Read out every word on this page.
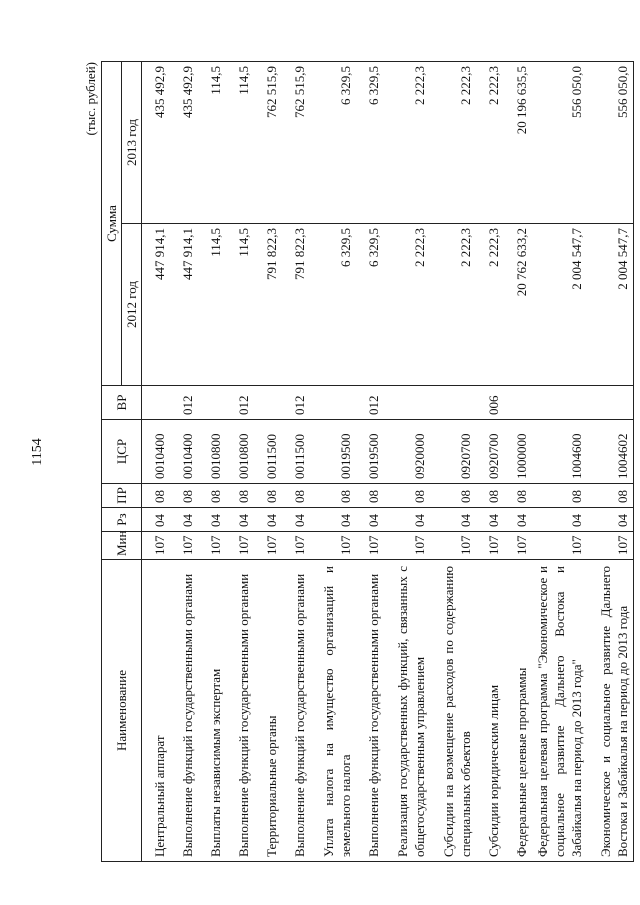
1154
(тыс. рублей)
Наименование	Мин	Рз	ПР	ЦСР	ВР	Сумма	
						2012 год	2013 год
Центральный аппарат	107	04	08	0010400		447 914,1	435 492,9
Выполнение функций государственными органами	107	04	08	0010400	012	447 914,1	435 492,9
Выплаты независимым экспертам	107	04	08	0010800		114,5	114,5
Выполнение функций государственными органами	107	04	08	0010800	012	114,5	114,5
Территориальные органы	107	04	08	0011500		791 822,3	762 515,9
Выполнение функций государственными органами	107	04	08	0011500	012	791 822,3	762 515,9
Уплата налога на имущество организаций и земельного налога	107	04	08	0019500		6 329,5	6 329,5
Выполнение функций государственными органами	107	04	08	0019500	012	6 329,5	6 329,5
Реализация государственных функций, связанных с общегосударственным управлением	107	04	08	0920000		2 222,3	2 222,3
Субсидии на возмещение расходов по содержанию специальных объектов	107	04	08	0920700		2 222,3	2 222,3
Субсидии юридическим лицам	107	04	08	0920700	006	2 222,3	2 222,3
Федеральные целевые программы	107	04	08	1000000		20 762 633,2	20 196 635,5
Федеральная целевая программа "Экономическое и социальное развитие Дальнего Востока и Забайкалья на период до 2013 года"	107	04	08	1004600		2 004 547,7	556 050,0
Экономическое и социальное развитие Дальнего Востока и Забайкалья на период до 2013 года	107	04	08	1004602		2 004 547,7	556 050,0
